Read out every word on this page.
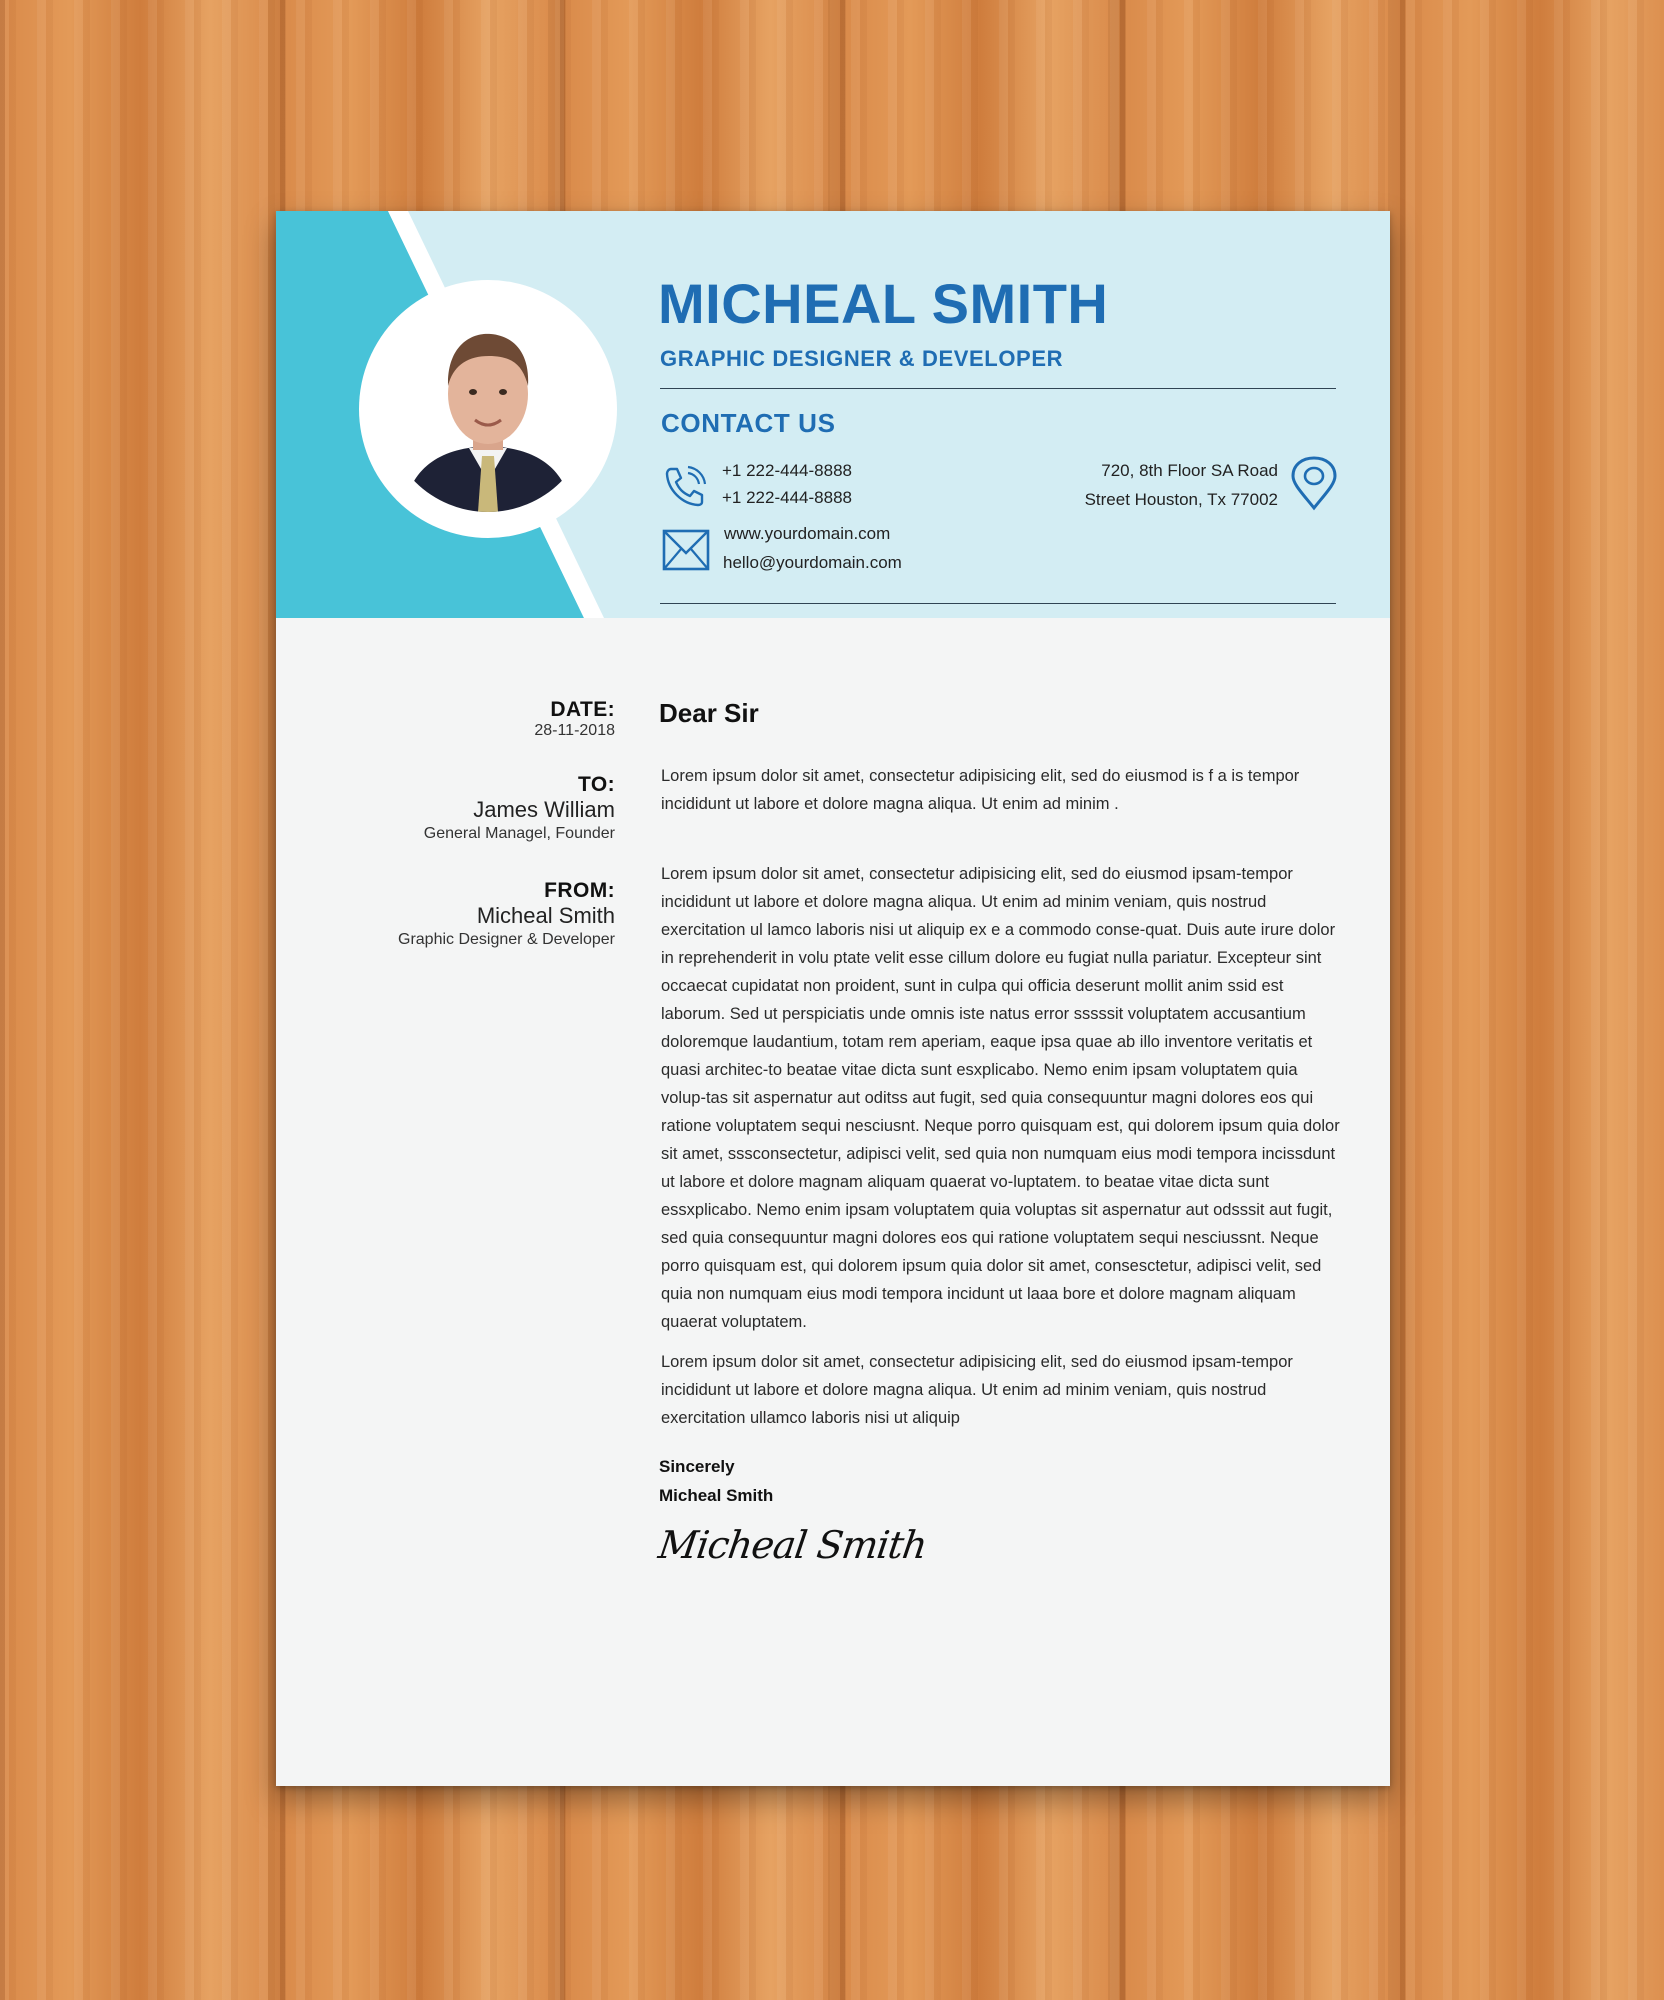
MICHEAL SMITH
GRAPHIC DESIGNER & DEVELOPER
CONTACT US
+1 222-444-8888
+1 222-444-8888
www.yourdomain.com
hello@yourdomain.com
720, 8th Floor SA Road
Street Houston, Tx 77002
DATE:
28-11-2018
TO:
James William
General Managel, Founder
FROM:
Micheal Smith
Graphic Designer & Developer
Dear Sir

Lorem ipsum dolor sit amet, consectetur adipisicing elit, sed do eiusmod is f a is tempor incididunt ut labore et dolore magna aliqua. Ut enim ad minim .

Lorem ipsum dolor sit amet, consectetur adipisicing elit, sed do eiusmod ipsam-tempor incididunt ut labore et dolore magna aliqua. Ut enim ad minim veniam, quis nostrud exercitation ul lamco laboris nisi ut aliquip ex e a commodo conse-quat. Duis aute irure dolor in reprehenderit in volu ptate velit esse cillum dolore eu fugiat nulla pariatur. Excepteur sint occaecat cupidatat non proident, sunt in culpa qui officia deserunt mollit anim ssid est laborum. Sed ut perspiciatis unde omnis iste natus error sssssit voluptatem accusantium doloremque laudantium, totam rem aperiam, eaque ipsa quae ab illo inventore veritatis et quasi architec-to beatae vitae dicta sunt esxplicabo. Nemo enim ipsam voluptatem quia volup-tas sit aspernatur aut oditss aut fugit, sed quia consequuntur magni dolores eos qui ratione voluptatem sequi nesciusnt. Neque porro quisquam est, qui dolorem ipsum quia dolor sit amet, sssconsectetur, adipisci velit, sed quia non numquam eius modi tempora incissdunt ut labore et dolore magnam aliquam quaerat vo-luptatem. to beatae vitae dicta sunt essxplicabo. Nemo enim ipsam voluptatem quia voluptas sit aspernatur aut odsssit aut fugit, sed quia consequuntur magni dolores eos qui ratione voluptatem sequi nesciussnt. Neque porro quisquam est, qui dolorem ipsum quia dolor sit amet, consesctetur, adipisci velit, sed quia non numquam eius modi tempora incidunt ut laaa bore et dolore magnam aliquam quaerat voluptatem.

Lorem ipsum dolor sit amet, consectetur adipisicing elit, sed do eiusmod ipsam-tempor incididunt ut labore et dolore magna aliqua. Ut enim ad minim veniam, quis nostrud exercitation ullamco laboris nisi ut aliquip

Sincerely
Micheal Smith
Micheal Smith
